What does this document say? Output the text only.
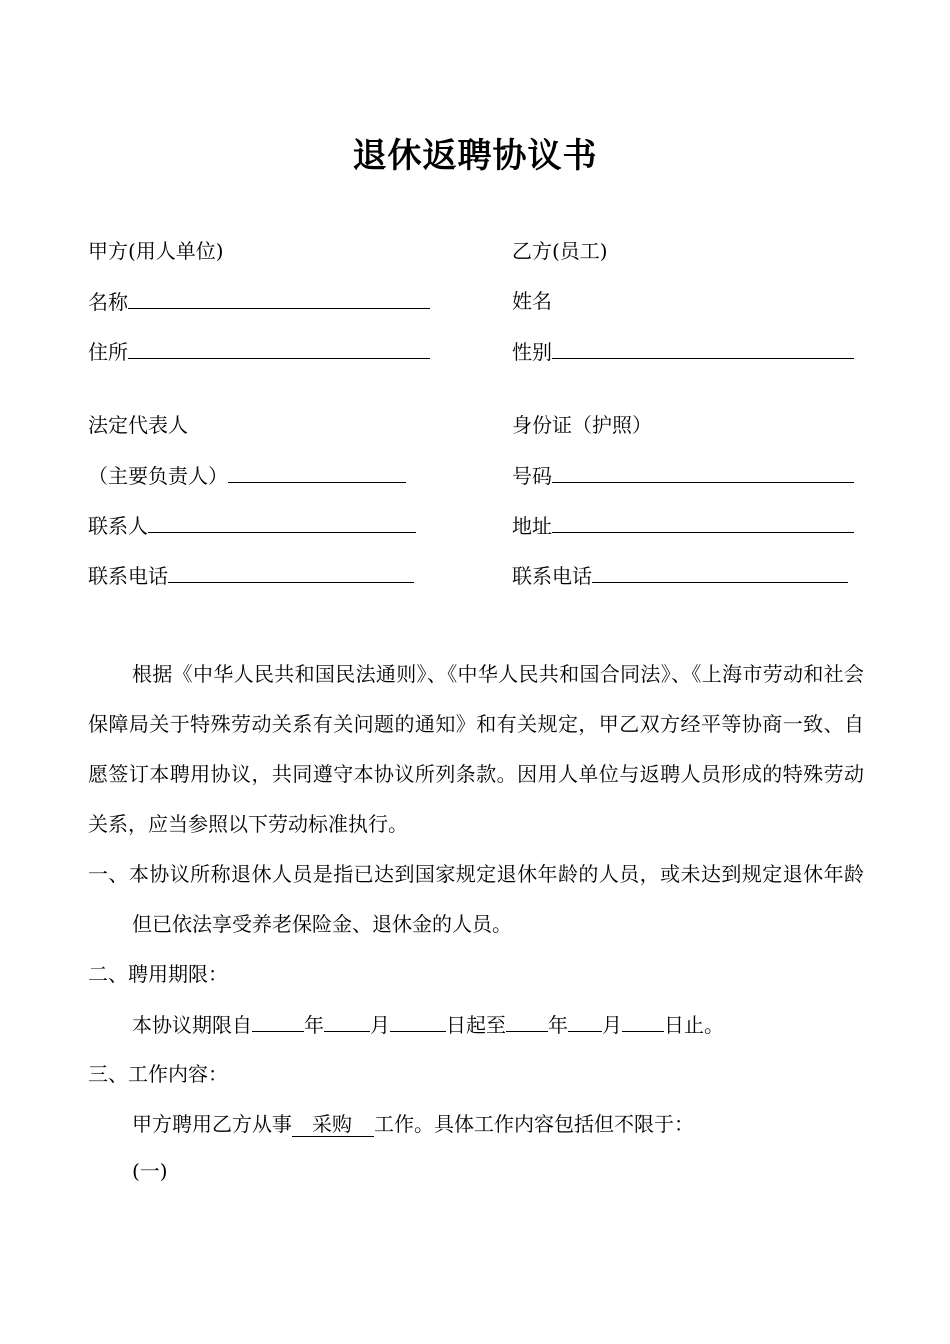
退休返聘协议书
甲方(用人单位)
名称
住所
法定代表人
（主要负责人）
联系人
联系电话
乙方(员工)
姓名
性别
身份证（护照）
号码
地址
联系电话
根据《中华人民共和国民法通则》、《中华人民共和国合同法》、《上海市劳动和社会保障局关于特殊劳动关系有关问题的通知》和有关规定，甲乙双方经平等协商一致、自愿签订本聘用协议，共同遵守本协议所列条款。因用人单位与返聘人员形成的特殊劳动关系，应当参照以下劳动标准执行。
一、本协议所称退休人员是指已达到国家规定退休年龄的人员，或未达到规定退休年龄但已依法享受养老保险金、退休金的人员。
二、聘用期限：
本协议期限自	年 月	日起至 年 月 日止。
三、工作内容：
甲方聘用乙方从事 采购 工作。具体工作内容包括但不限于：
(一)
